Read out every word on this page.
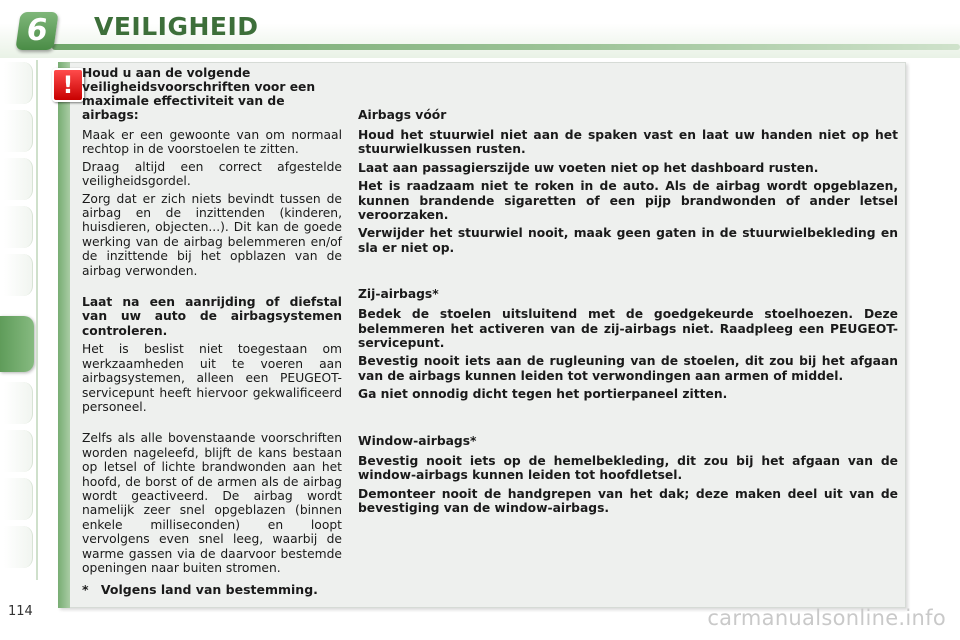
6	VEILIGHEID
! Houd u aan de volgende veiligheidsvoorschriften voor een maximale effectiviteit van de airbags:
Maak er een gewoonte van om normaal rechtop in de voorstoelen te zitten.
Draag altijd een correct afgestelde veiligheidsgordel.
Zorg dat er zich niets bevindt tussen de airbag en de inzittenden (kinderen, huisdieren, objecten...). Dit kan de goede werking van de airbag belemmeren en/of de inzittende bij het opblazen van de airbag verwonden.
Laat na een aanrijding of diefstal van uw auto de airbagsystemen controleren.
Het is beslist niet toegestaan om werkzaamheden uit te voeren aan airbagsystemen, alleen een PEUGEOT-servicepunt heeft hiervoor gekwalificeerd personeel.
Zelfs als alle bovenstaande voorschriften worden nageleefd, blijft de kans bestaan op letsel of lichte brandwonden aan het hoofd, de borst of de armen als de airbag wordt geactiveerd. De airbag wordt namelijk zeer snel opgeblazen (binnen enkele milliseconden) en loopt vervolgens even snel leeg, waarbij de warme gassen via de daarvoor bestemde openingen naar buiten stromen.
Airbags vóór
Houd het stuurwiel niet aan de spaken vast en laat uw handen niet op het stuurwielkussen rusten.
Laat aan passagierszijde uw voeten niet op het dashboard rusten.
Het is raadzaam niet te roken in de auto. Als de airbag wordt opgeblazen, kunnen brandende sigaretten of een pijp brandwonden of ander letsel veroorzaken.
Verwijder het stuurwiel nooit, maak geen gaten in de stuurwielbekleding en sla er niet op.
Zij-airbags*
Bedek de stoelen uitsluitend met de goedgekeurde stoelhoezen. Deze belemmeren het activeren van de zij-airbags niet. Raadpleeg een PEUGEOT-servicepunt.
Bevestig nooit iets aan de rugleuning van de stoelen, dit zou bij het afgaan van de airbags kunnen leiden tot verwondingen aan armen of middel.
Ga niet onnodig dicht tegen het portierpaneel zitten.
Window-airbags*
Bevestig nooit iets op de hemelbekleding, dit zou bij het afgaan van de window-airbags kunnen leiden tot hoofdletsel.
Demonteer nooit de handgrepen van het dak; deze maken deel uit van de bevestiging van de window-airbags.
* Volgens land van bestemming.
114	carmanualsonline.info
